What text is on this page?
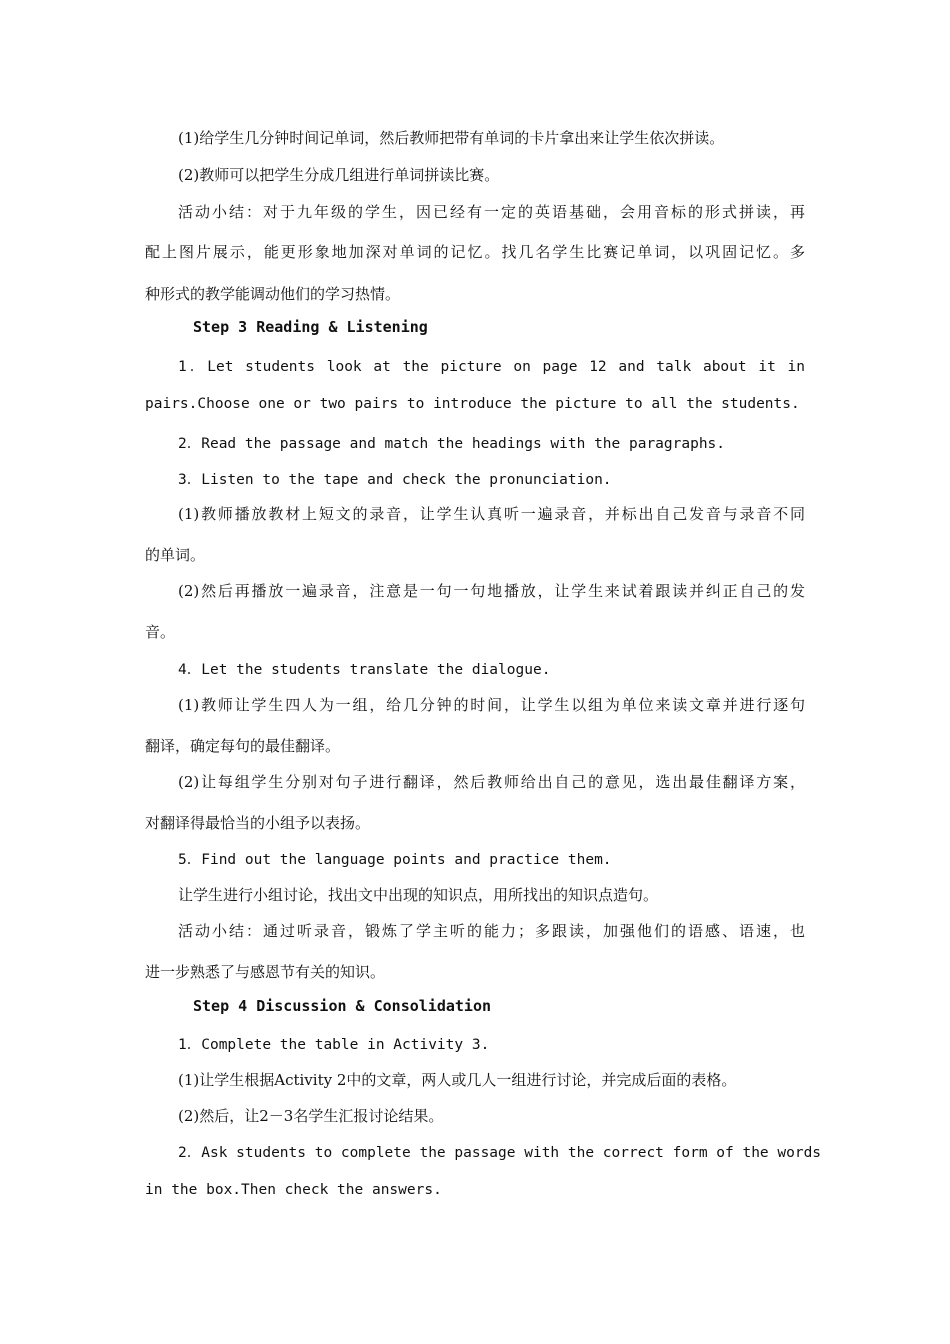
(1)给学生几分钟时间记单词，然后教师把带有单词的卡片拿出来让学生依次拼读。
(2)教师可以把学生分成几组进行单词拼读比赛。
活动小结：对于九年级的学生，因已经有一定的英语基础，会用音标的形式拼读，再
配上图片展示，能更形象地加深对单词的记忆。找几名学生比赛记单词，以巩固记忆。多
种形式的教学能调动他们的学习热情。
Step 3 Reading & Listening
1．Let students look at the picture on page 12 and talk about it in
pairs.Choose one or two pairs to introduce the picture to all the students.
2．Read the passage and match the headings with the paragraphs.
3．Listen to the tape and check the pronunciation.
(1)教师播放教材上短文的录音，让学生认真听一遍录音，并标出自己发音与录音不同
的单词。
(2)然后再播放一遍录音，注意是一句一句地播放，让学生来试着跟读并纠正自己的发
音。
4．Let the students translate the dialogue.
(1)教师让学生四人为一组，给几分钟的时间，让学生以组为单位来读文章并进行逐句
翻译，确定每句的最佳翻译。
(2)让每组学生分别对句子进行翻译，然后教师给出自己的意见，选出最佳翻译方案，
对翻译得最恰当的小组予以表扬。
5．Find out the language points and practice them.
让学生进行小组讨论，找出文中出现的知识点，用所找出的知识点造句。
活动小结：通过听录音，锻炼了学主听的能力；多跟读，加强他们的语感、语速，也
进一步熟悉了与感恩节有关的知识。
Step 4 Discussion & Consolidation
1．Complete the table in Activity 3.
(1)让学生根据Activity 2中的文章，两人或几人一组进行讨论，并完成后面的表格。
(2)然后，让2－3名学生汇报讨论结果。
2．Ask students to complete the passage with the correct form of the words
in the box.Then check the answers.
